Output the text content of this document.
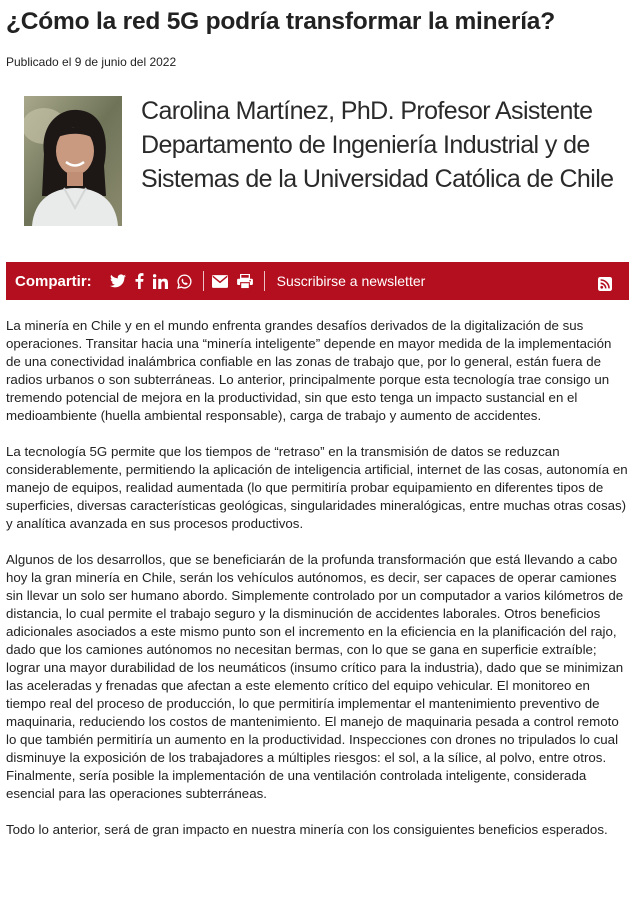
¿Cómo la red 5G podría transformar la minería?
Publicado el 9 de junio del 2022
Carolina Martínez, PhD. Profesor Asistente Departamento de Ingeniería Industrial y de Sistemas de la Universidad Católica de Chile
Compartir:	Suscribirse a newsletter

La minería en Chile y en el mundo enfrenta grandes desafíos derivados de la digitalización de sus operaciones. Transitar hacia una “minería inteligente” depende en mayor medida de la implementación de una conectividad inalámbrica confiable en las zonas de trabajo que, por lo general, están fuera de radios urbanos o son subterráneas. Lo anterior, principalmente porque esta tecnología trae consigo un tremendo potencial de mejora en la productividad, sin que esto tenga un impacto sustancial en el medioambiente (huella ambiental responsable), carga de trabajo y aumento de accidentes.

La tecnología 5G permite que los tiempos de “retraso” en la transmisión de datos se reduzcan considerablemente, permitiendo la aplicación de inteligencia artificial, internet de las cosas, autonomía en manejo de equipos, realidad aumentada (lo que permitiría probar equipamiento en diferentes tipos de superficies, diversas características geológicas, singularidades mineralógicas, entre muchas otras cosas) y analítica avanzada en sus procesos productivos.

Algunos de los desarrollos, que se beneficiarán de la profunda transformación que está llevando a cabo hoy la gran minería en Chile, serán los vehículos autónomos, es decir, ser capaces de operar camiones sin llevar un solo ser humano abordo. Simplemente controlado por un computador a varios kilómetros de distancia, lo cual permite el trabajo seguro y la disminución de accidentes laborales. Otros beneficios adicionales asociados a este mismo punto son el incremento en la eficiencia en la planificación del rajo, dado que los camiones autónomos no necesitan bermas, con lo que se gana en superficie extraíble; lograr una mayor durabilidad de los neumáticos (insumo crítico para la industria), dado que se minimizan las aceleradas y frenadas que afectan a este elemento crítico del equipo vehicular. El monitoreo en tiempo real del proceso de producción, lo que permitiría implementar el mantenimiento preventivo de maquinaria, reduciendo los costos de mantenimiento. El manejo de maquinaria pesada a control remoto lo que también permitiría un aumento en la productividad. Inspecciones con drones no tripulados lo cual disminuye la exposición de los trabajadores a múltiples riesgos: el sol, a la sílice, al polvo, entre otros. Finalmente, sería posible la implementación de una ventilación controlada inteligente, considerada esencial para las operaciones subterráneas.

Todo lo anterior, será de gran impacto en nuestra minería con los consiguientes beneficios esperados.
